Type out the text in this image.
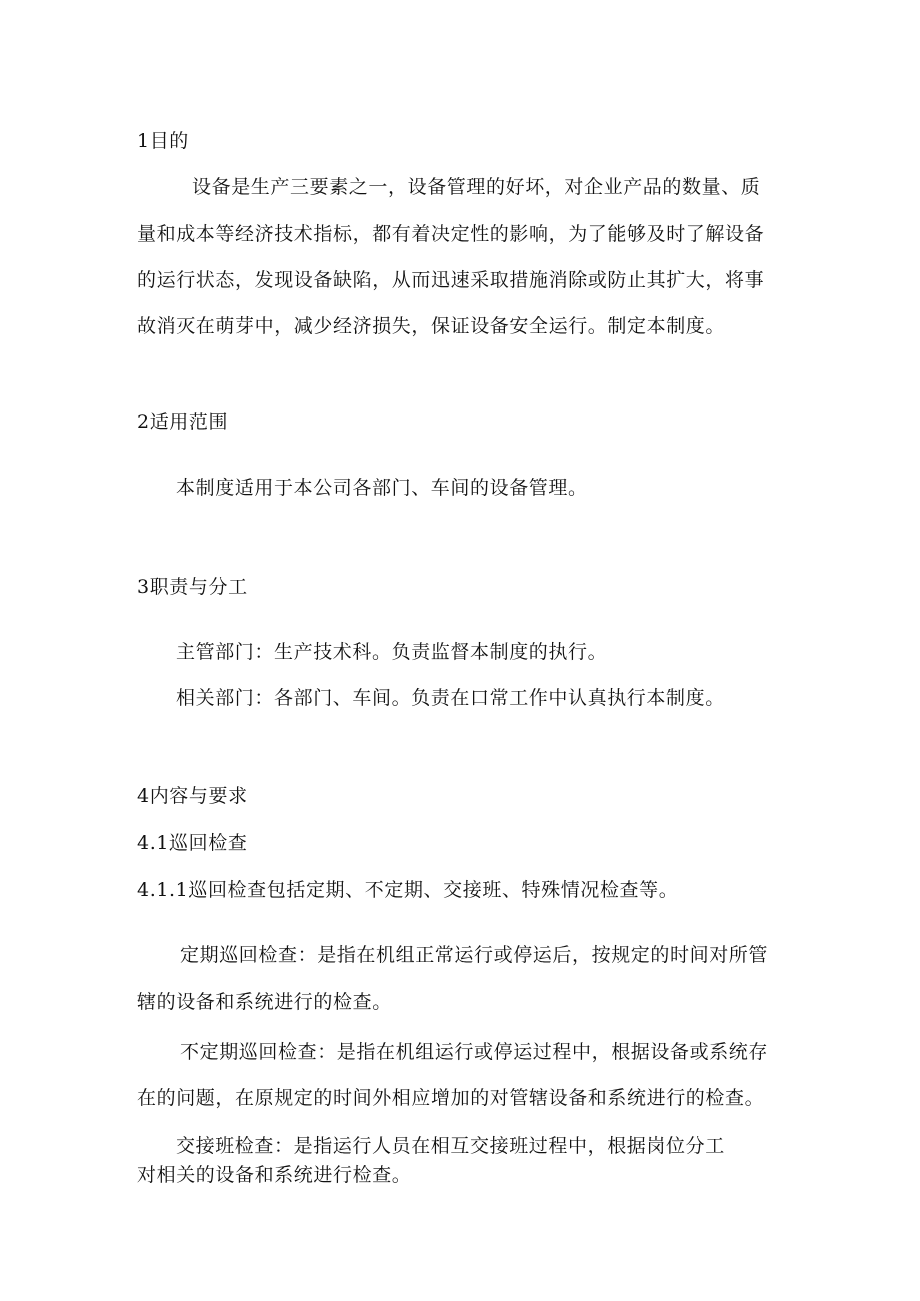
1目的
设备是生产三要素之一，设备管理的好坏，对企业产品的数量、质
量和成本等经济技术指标，都有着决定性的影响，为了能够及时了解设备
的运行状态，发现设备缺陷，从而迅速采取措施消除或防止其扩大，将事
故消灭在萌芽中，减少经济损失，保证设备安全运行。制定本制度。
2适用范围
本制度适用于本公司各部门、车间的设备管理。
3职责与分工
主管部门：生产技术科。负责监督本制度的执行。
相关部门：各部门、车间。负责在口常工作中认真执行本制度。
4内容与要求
4.1巡回检查
4.1.1巡回检查包括定期、不定期、交接班、特殊情况检查等。
定期巡回检查：是指在机组正常运行或停运后，按规定的时间对所管
辖的设备和系统进行的检查。
不定期巡回检查：是指在机组运行或停运过程中，根据设备或系统存
在的问题，在原规定的时间外相应增加的对管辖设备和系统进行的检查。
交接班检查：是指运行人员在相互交接班过程中，根据岗位分工
对相关的设备和系统进行检查。
